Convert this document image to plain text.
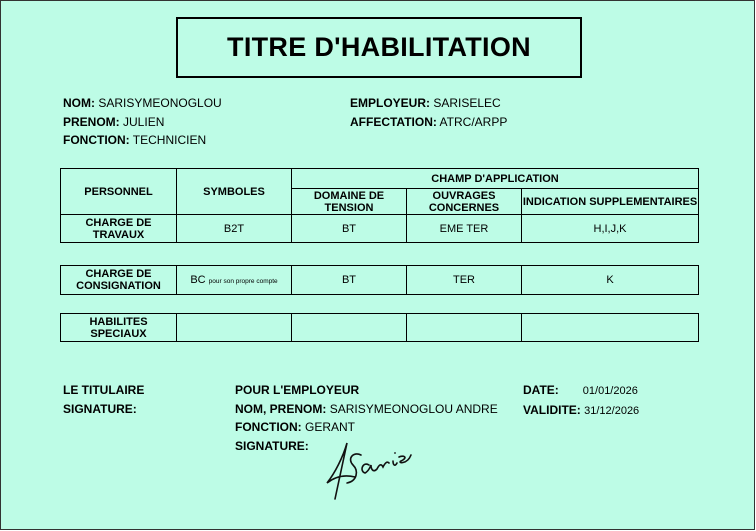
TITRE D'HABILITATION
NOM: SARISYMEONOGLOU
PRENOM: JULIEN
FONCTION: TECHNICIEN
EMPLOYEUR: SARISELEC
AFFECTATION: ATRC/ARPP
PERSONNEL	SYMBOLES	CHAMP D'APPLICATION		
		DOMAINE DE TENSION	OUVRAGES CONCERNES	INDICATION SUPPLEMENTAIRES
CHARGE DE TRAVAUX	B2T	BT	EME TER	H,I,J,K
CHARGE DE CONSIGNATION	BC pour son propre compte	BT	TER	K
HABILITES SPECIAUX				
LE TITULAIRE
SIGNATURE:
POUR L'EMPLOYEUR
NOM, PRENOM: SARISYMEONOGLOU ANDRE
FONCTION: GERANT
SIGNATURE:
DATE: 01/01/2026
VALIDITE: 31/12/2026
